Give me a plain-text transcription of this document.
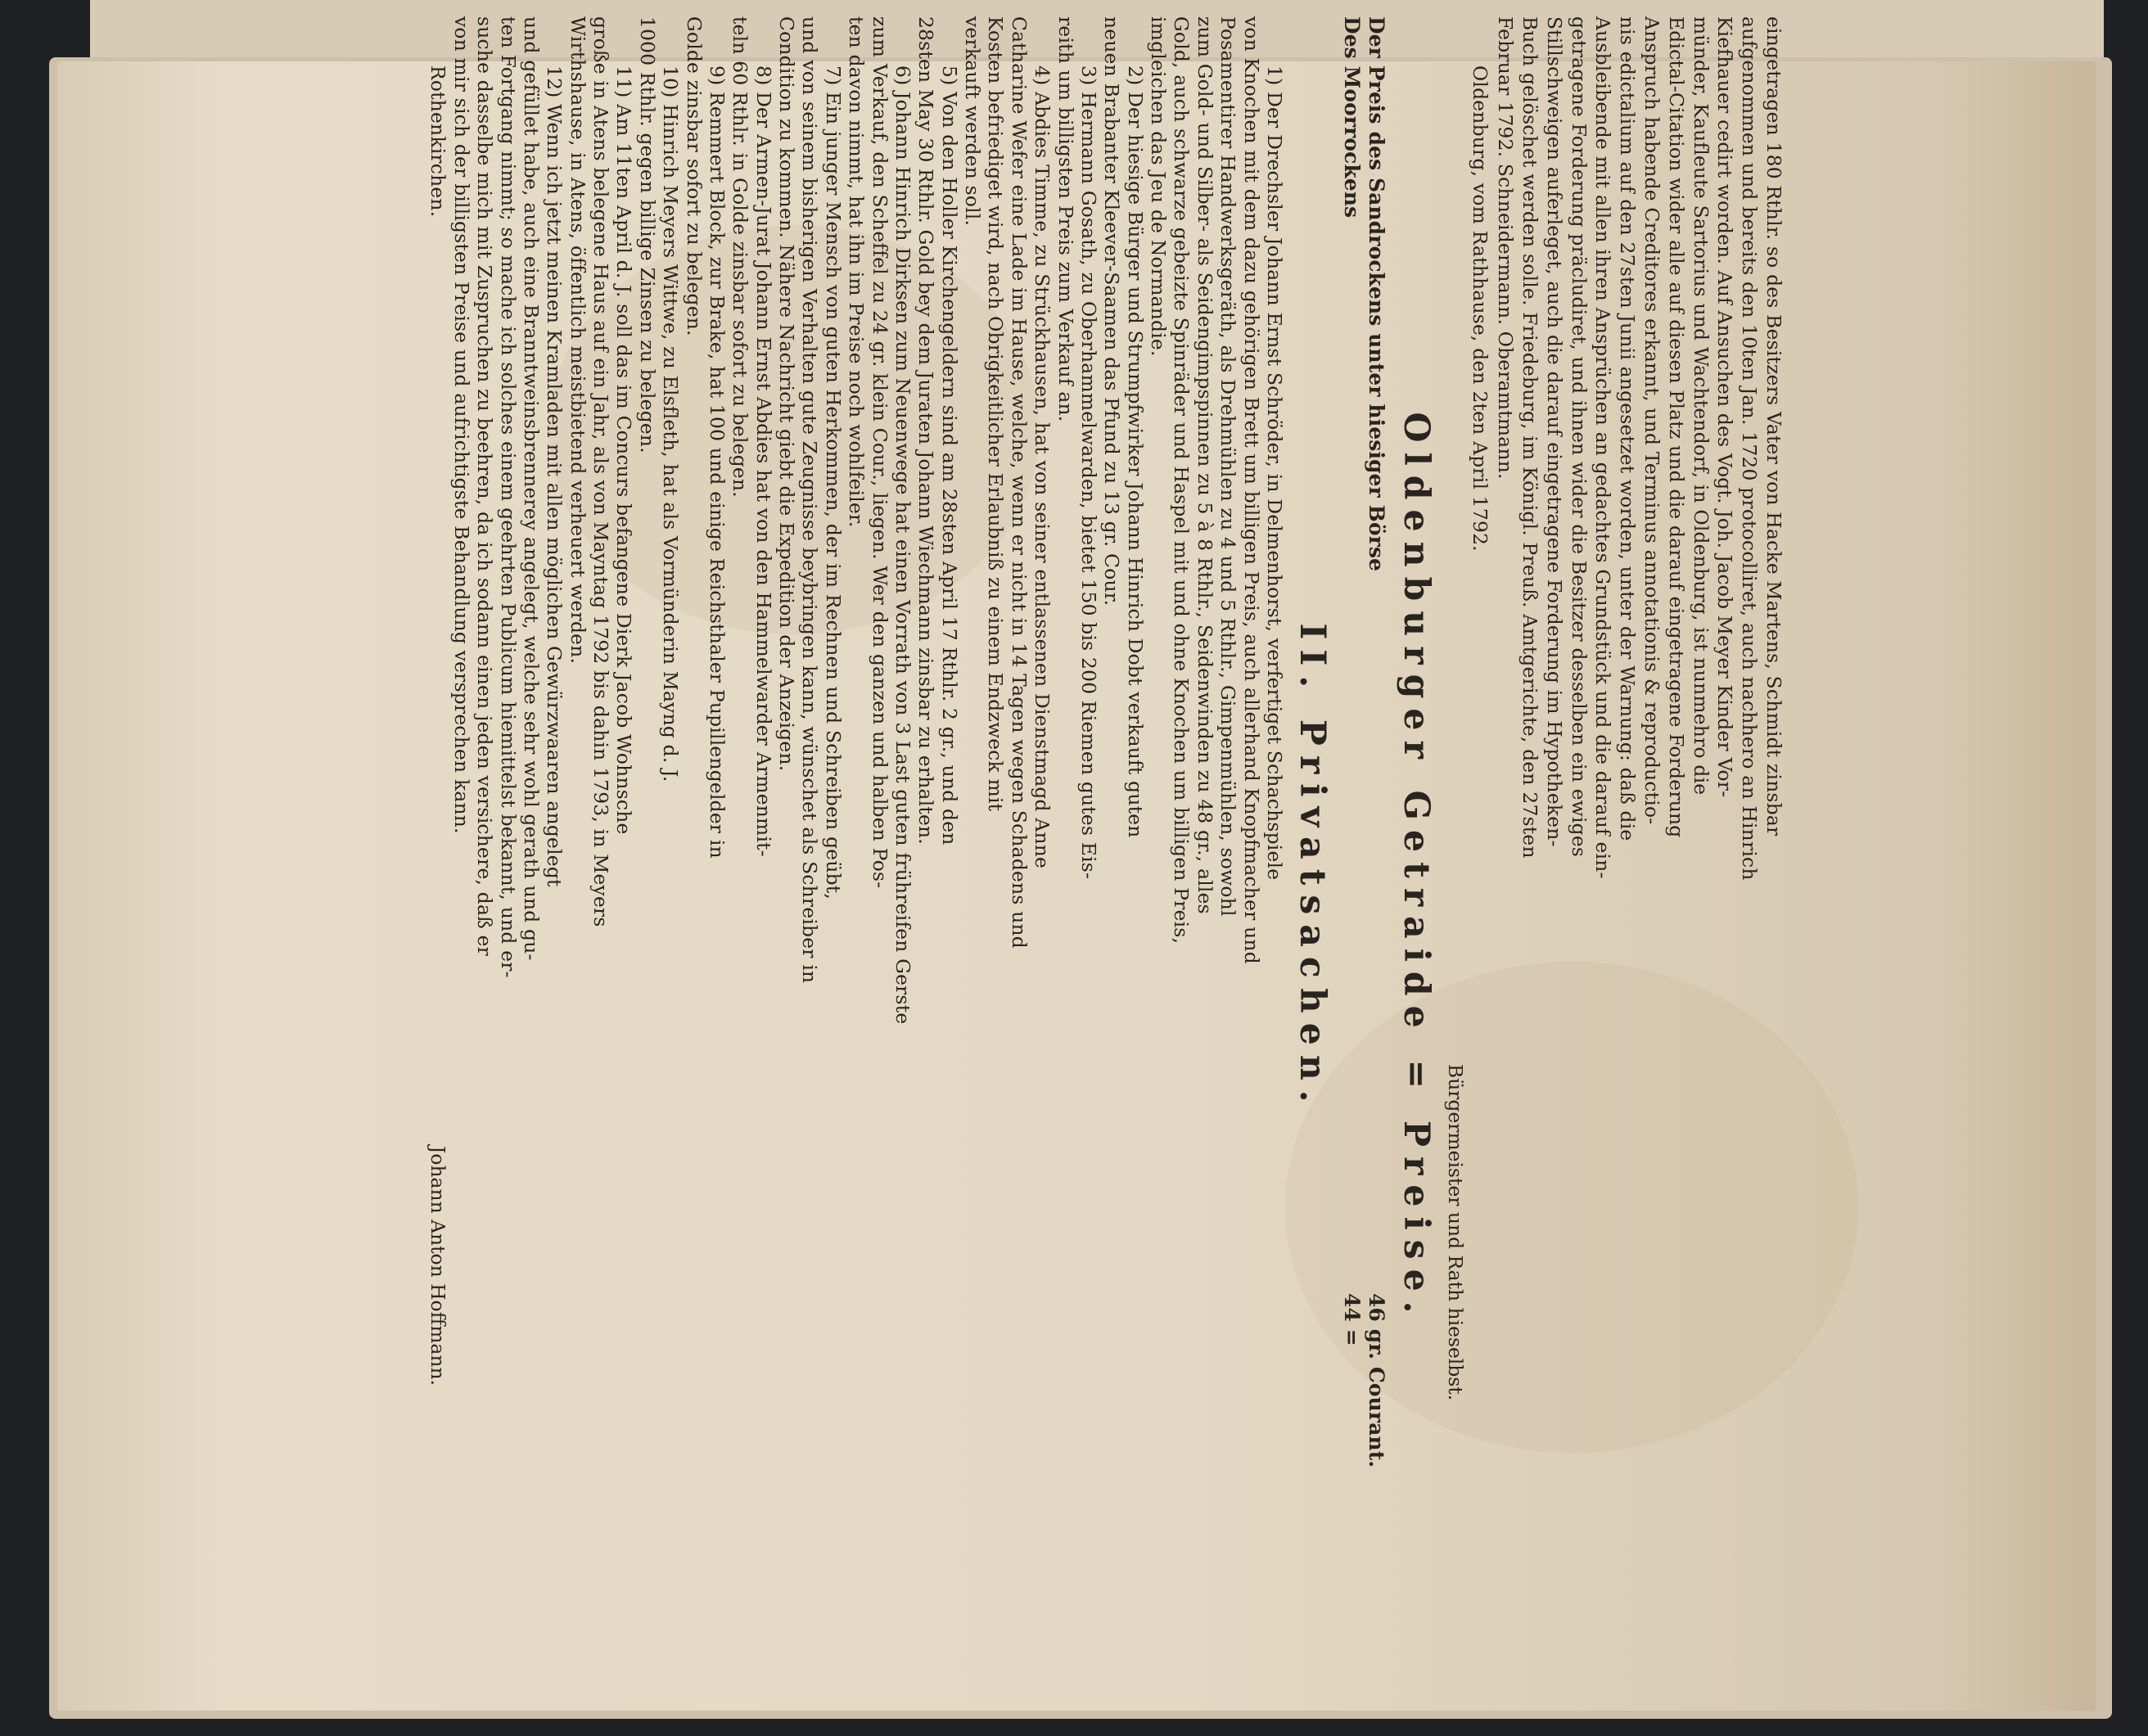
eingetragen 180 Rthlr. so des Besitzers Vater von Hacke Martens, Schmidt zinsbar
aufgenommen und bereits den 10ten Jan. 1720 protocolliret, auch nachhero an Hinrich
Kiefhauer cedirt worden. Auf Ansuchen des Vogt. Joh. Jacob Meyer Kinder Vor-
münder, Kaufleute Sartorius und Wachtendorf, in Oldenburg, ist nunmehro die
Edictal-Citation wider alle auf diesen Platz und die darauf eingetragene Forderung
Anspruch habende Creditores erkannt, und Terminus annotationis & reproductio-
nis edictalium auf den 27sten Junii angesetzet worden, unter der Warnung: daß die
Ausbleibende mit allen ihren Ansprüchen an gedachtes Grundstück und die darauf ein-
getragene Forderung präcludiret, und ihnen wider die Besitzer desselben ein ewiges
Stillschweigen auferleget, auch die darauf eingetragene Forderung im Hypotheken-
Buch gelöschet werden solle. Friedeburg, im Königl. Preuß. Amtgerichte, den 27sten
Februar 1792. Schneidermann. Oberamtmann.
Oldenburg, vom Rathhause, den 2ten April 1792.
Bürgermeister und Rath hieselbst.
Oldenburger Getraide = Preise.
Der Preis des Sandrockens unter hiesiger Börse
46 gr. Courant.
Des Moorrockens
44 =
II. Privatsachen.
1) Der Drechsler Johann Ernst Schröder, in Delmenhorst, verfertiget Schachspiele
von Knochen mit dem dazu gehörigen Brett um billigen Preis, auch allerhand Knopfmacher und
Posamentirer Handwerksgeräth, als Drehmühlen zu 4 und 5 Rthlr., Gimpenmühlen, sowohl
zum Gold- und Silber- als Seidengimpspinnen zu 5 à 8 Rthlr., Seidenwinden zu 48 gr., alles
Gold, auch schwarze gebeizte Spinräder und Haspel mit und ohne Knochen um billigen Preis,
imgleichen das Jeu de Normandie.
2) Der hiesige Bürger und Strumpfwirker Johann Hinrich Dobt verkauft guten
neuen Brabanter Kleever-Saamen das Pfund zu 13 gr. Cour.
3) Hermann Gosath, zu Oberhammelwarden, bietet 150 bis 200 Riemen gutes Eis-
reith um billigsten Preis zum Verkauf an.
4) Abdies Timme, zu Strückhausen, hat von seiner entlassenen Dienstmagd Anne
Catharine Wefer eine Lade im Hause, welche, wenn er nicht in 14 Tagen wegen Schadens und
Kosten befriediget wird, nach Obrigkeitlicher Erlaubniß zu einem Endzweck mit
verkauft werden soll.
5) Von den Holler Kirchengeldern sind am 28sten April 17 Rthlr. 2 gr., und den
28sten May 30 Rthlr. Gold bey dem Juraten Johann Wiechmann zinsbar zu erhalten.
6) Johann Hinrich Dirksen zum Neuenwege hat einen Vorrath von 3 Last guten frühreifen Gerste
zum Verkauf, den Scheffel zu 24 gr. klein Cour., liegen. Wer den ganzen und halben Pos-
ten davon nimmt, hat ihn im Preise noch wohlfeiler.
7) Ein junger Mensch von guten Herkommen, der im Rechnen und Schreiben geübt,
und von seinem bisherigen Verhalten gute Zeugnisse beybringen kann, wünschet als Schreiber in
Condition zu kommen. Nähere Nachricht giebt die Expedition der Anzeigen.
8) Der Armen-Jurat Johann Ernst Abdies hat von den Hammelwarder Armenmit-
teln 60 Rthlr. in Golde zinsbar sofort zu belegen.
9) Remmert Block, zur Brake, hat 100 und einige Reichsthaler Pupillengelder in
Golde zinsbar sofort zu belegen.
10) Hinrich Meyers Wittwe, zu Elsfleth, hat als Vormünderin Mayng d. J.
1000 Rthlr. gegen billige Zinsen zu belegen.
11) Am 11ten April d. J. soll das im Concurs befangene Dierk Jacob Wohnsche
große in Atens belegene Haus auf ein Jahr, als von Mayntag 1792 bis dahin 1793, in Meyers
Wirthshause, in Atens, öffentlich meistbietend verheuert werden.
12) Wenn ich jetzt meinen Kramladen mit allen möglichen Gewürzwaaren angelegt
und gefüllet habe, auch eine Branntweinsbrennerey angelegt, welche sehr wohl gerath und gu-
ten Fortgang nimmt; so mache ich solches einem geehrten Publicum hiemittelst bekannt, und er-
suche dasselbe mich mit Zuspruchen zu beehren, da ich sodann einen jeden versichere, daß er
von mir sich der billigsten Preise und aufrichtigste Behandlung versprechen kann.
Rothenkirchen.
Johann Anton Hoffmann.
